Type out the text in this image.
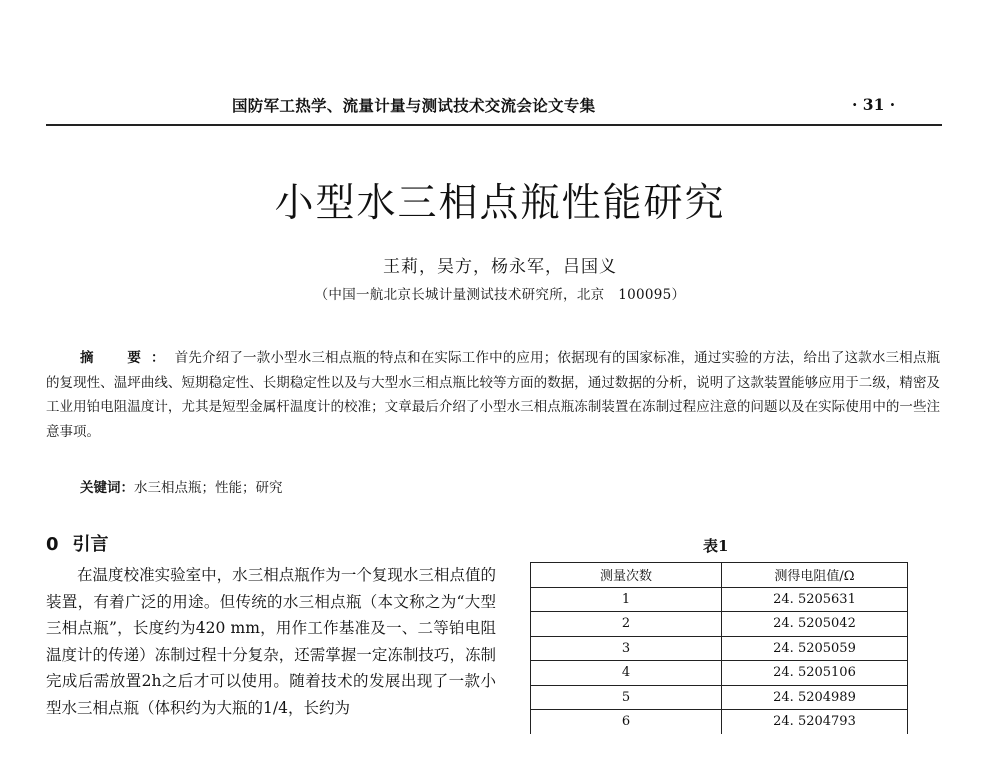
国防军工热学、流量计量与测试技术交流会论文专集	· 31 ·
小型水三相点瓶性能研究
王莉，吴方，杨永军，吕国义
（中国一航北京长城计量测试技术研究所，北京　100095）
摘　要：首先介绍了一款小型水三相点瓶的特点和在实际工作中的应用；依据现有的国家标准，通过实验的方法，给出了这款水三相点瓶的复现性、温坪曲线、短期稳定性、长期稳定性以及与大型水三相点瓶比较等方面的数据，通过数据的分析，说明了这款装置能够应用于二级，精密及工业用铂电阻温度计，尤其是短型金属杆温度计的校准；文章最后介绍了小型水三相点瓶冻制装置在冻制过程应注意的问题以及在实际使用中的一些注意事项。
关键词：水三相点瓶；性能；研究
0 引言
在温度校准实验室中，水三相点瓶作为一个复现水三相点值的装置，有着广泛的用途。但传统的水三相点瓶（本文称之为“大型三相点瓶”，长度约为420 mm，用作工作基准及一、二等铂电阻温度计的传递）冻制过程十分复杂，还需掌握一定冻制技巧，冻制完成后需放置2h之后才可以使用。随着技术的发展出现了一款小型水三相点瓶（体积约为大瓶的1/4，长约为
表1
测量次数	测得电阻值/Ω
1	24. 5205631
2	24. 5205042
3	24. 5205059
4	24. 5205106
5	24. 5204989
6	24. 5204793
